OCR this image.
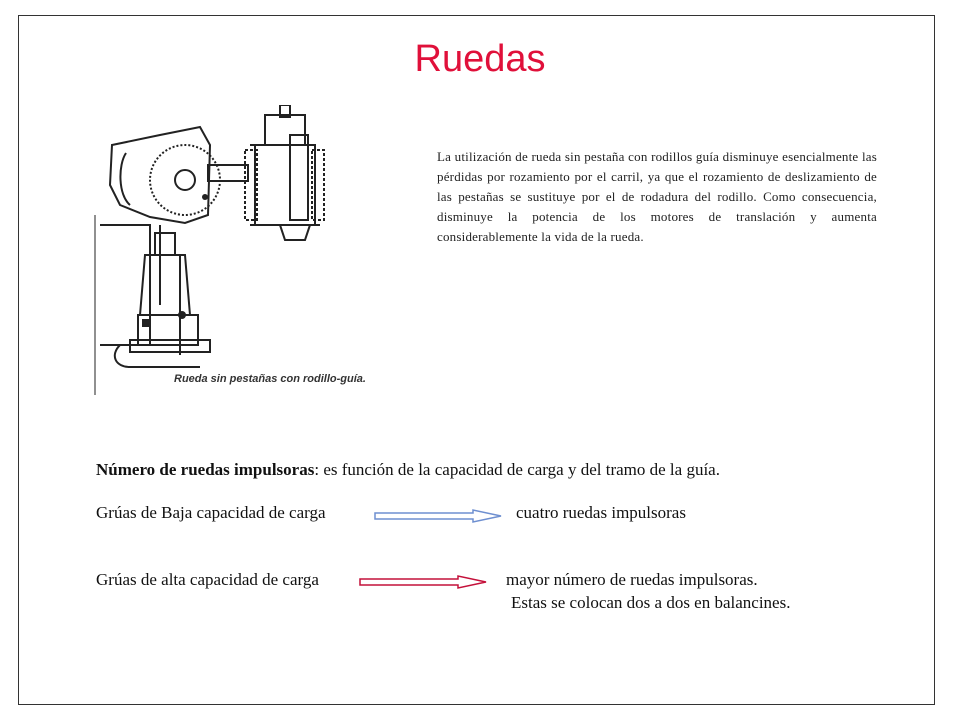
Ruedas
Rueda sin pestañas con rodillo-guía.
La utilización de rueda sin pestaña con rodillos guía disminuye esencialmente las pérdidas por rozamiento por el carril, ya que el rozamiento de deslizamiento de las pestañas se sustituye por el de rodadura del rodillo. Como consecuencia, disminuye la potencia de los motores de translación y aumenta considerablemente la vida de la rueda.
Número de ruedas impulsoras: es función de la capacidad de carga y del tramo de la guía.
Grúas de Baja capacidad de carga	cuatro ruedas impulsoras
Grúas de alta capacidad de carga	mayor número de ruedas impulsoras.
Estas se colocan dos a dos en balancines.
